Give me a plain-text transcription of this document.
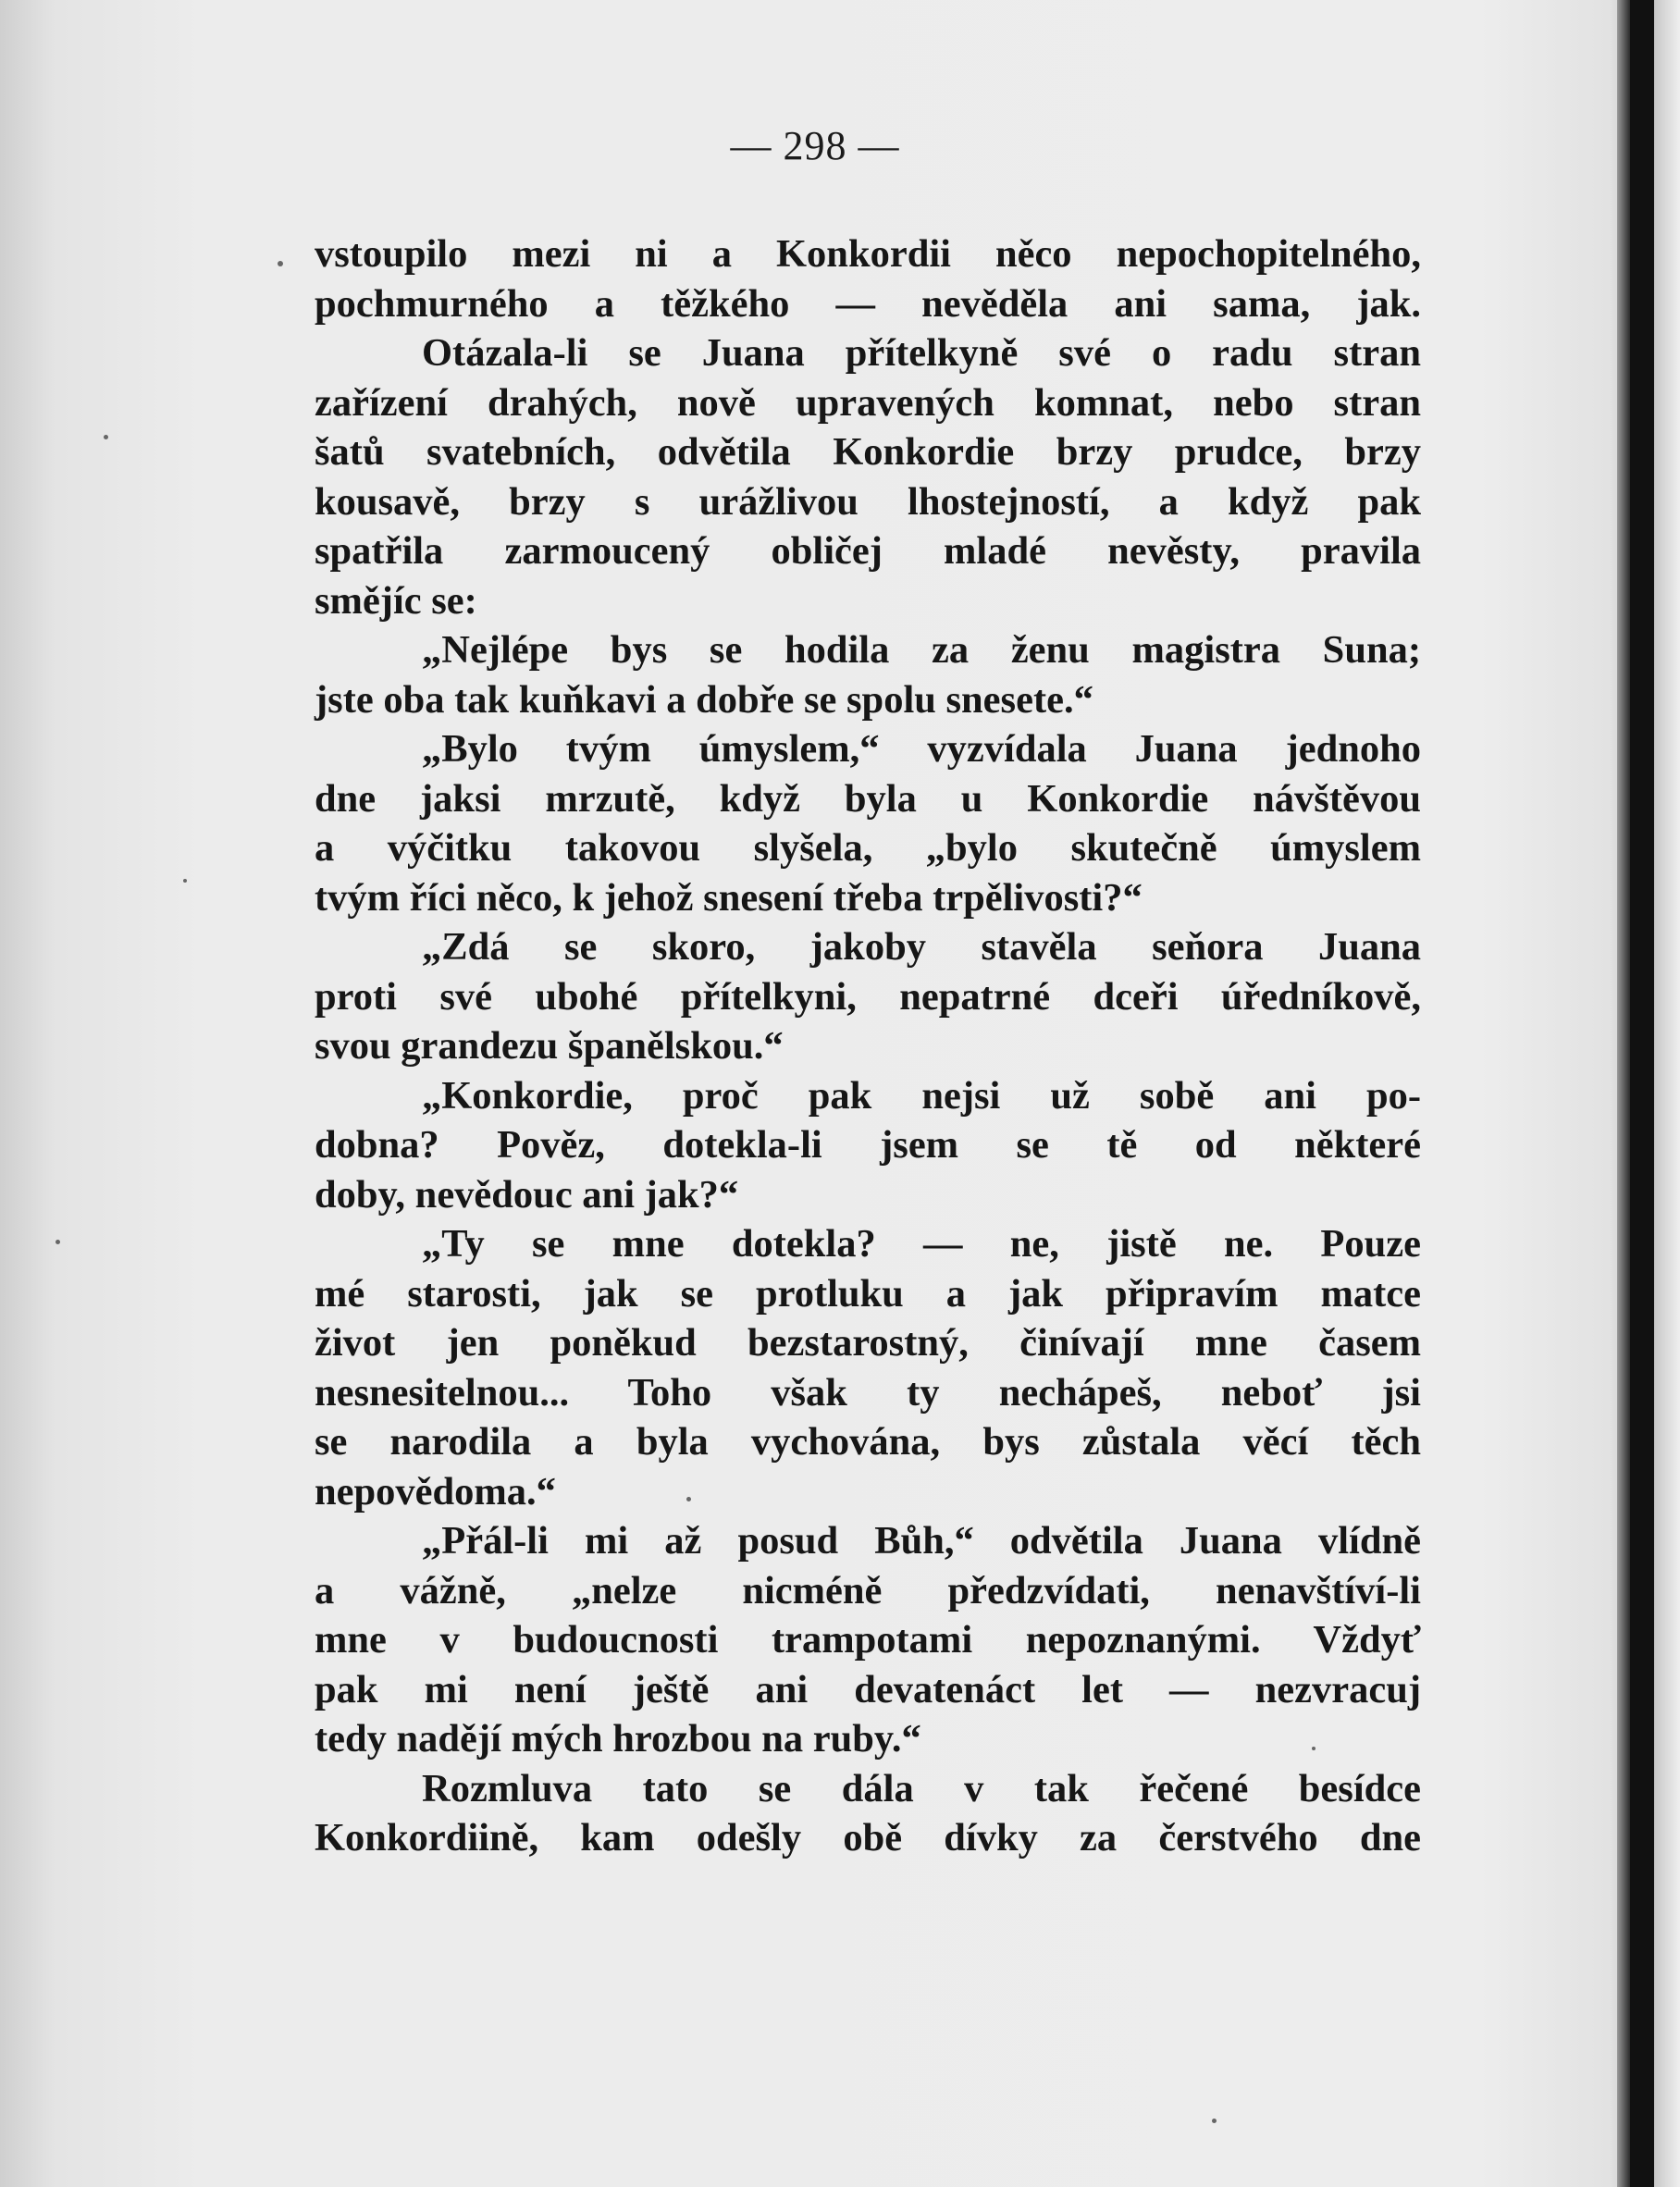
— 298 —
vstoupilo mezi ni a Konkordii něco nepochopitelného,
pochmurného a těžkého — nevěděla ani sama, jak.
Otázala-li se Juana přítelkyně své o radu stran
zařízení drahých, nově upravených komnat, nebo stran
šatů svatebních, odvětila Konkordie brzy prudce, brzy
kousavě, brzy s urážlivou lhostejností, a když pak
spatřila zarmoucený obličej mladé nevěsty, pravila
smějíc se:
„Nejlépe bys se hodila za ženu magistra Suna;
jste oba tak kuňkavi a dobře se spolu snesete.“
„Bylo tvým úmyslem,“ vyzvídala Juana jednoho
dne jaksi mrzutě, když byla u Konkordie návštěvou
a výčitku takovou slyšela, „bylo skutečně úmyslem
tvým říci něco, k jehož snesení třeba trpělivosti?“
„Zdá se skoro, jakoby stavěla seňora Juana
proti své ubohé přítelkyni, nepatrné dceři úředníkově,
svou grandezu španělskou.“
„Konkordie, proč pak nejsi už sobě ani po-
dobna? Pověz, dotekla-li jsem se tě od některé
doby, nevědouc ani jak?“
„Ty se mne dotekla? — ne, jistě ne. Pouze
mé starosti, jak se protluku a jak připravím matce
život jen poněkud bezstarostný, činívají mne časem
nesnesitelnou... Toho však ty nechápeš, neboť jsi
se narodila a byla vychována, bys zůstala věcí těch
nepovědoma.“
„Přál-li mi až posud Bůh,“ odvětila Juana vlídně
a vážně, „nelze nicméně předzvídati, nenavštíví-li
mne v budoucnosti trampotami nepoznanými. Vždyť
pak mi není ještě ani devatenáct let — nezvracuj
tedy nadějí mých hrozbou na ruby.“
Rozmluva tato se dála v tak řečené besídce
Konkordiině, kam odešly obě dívky za čerstvého dne
